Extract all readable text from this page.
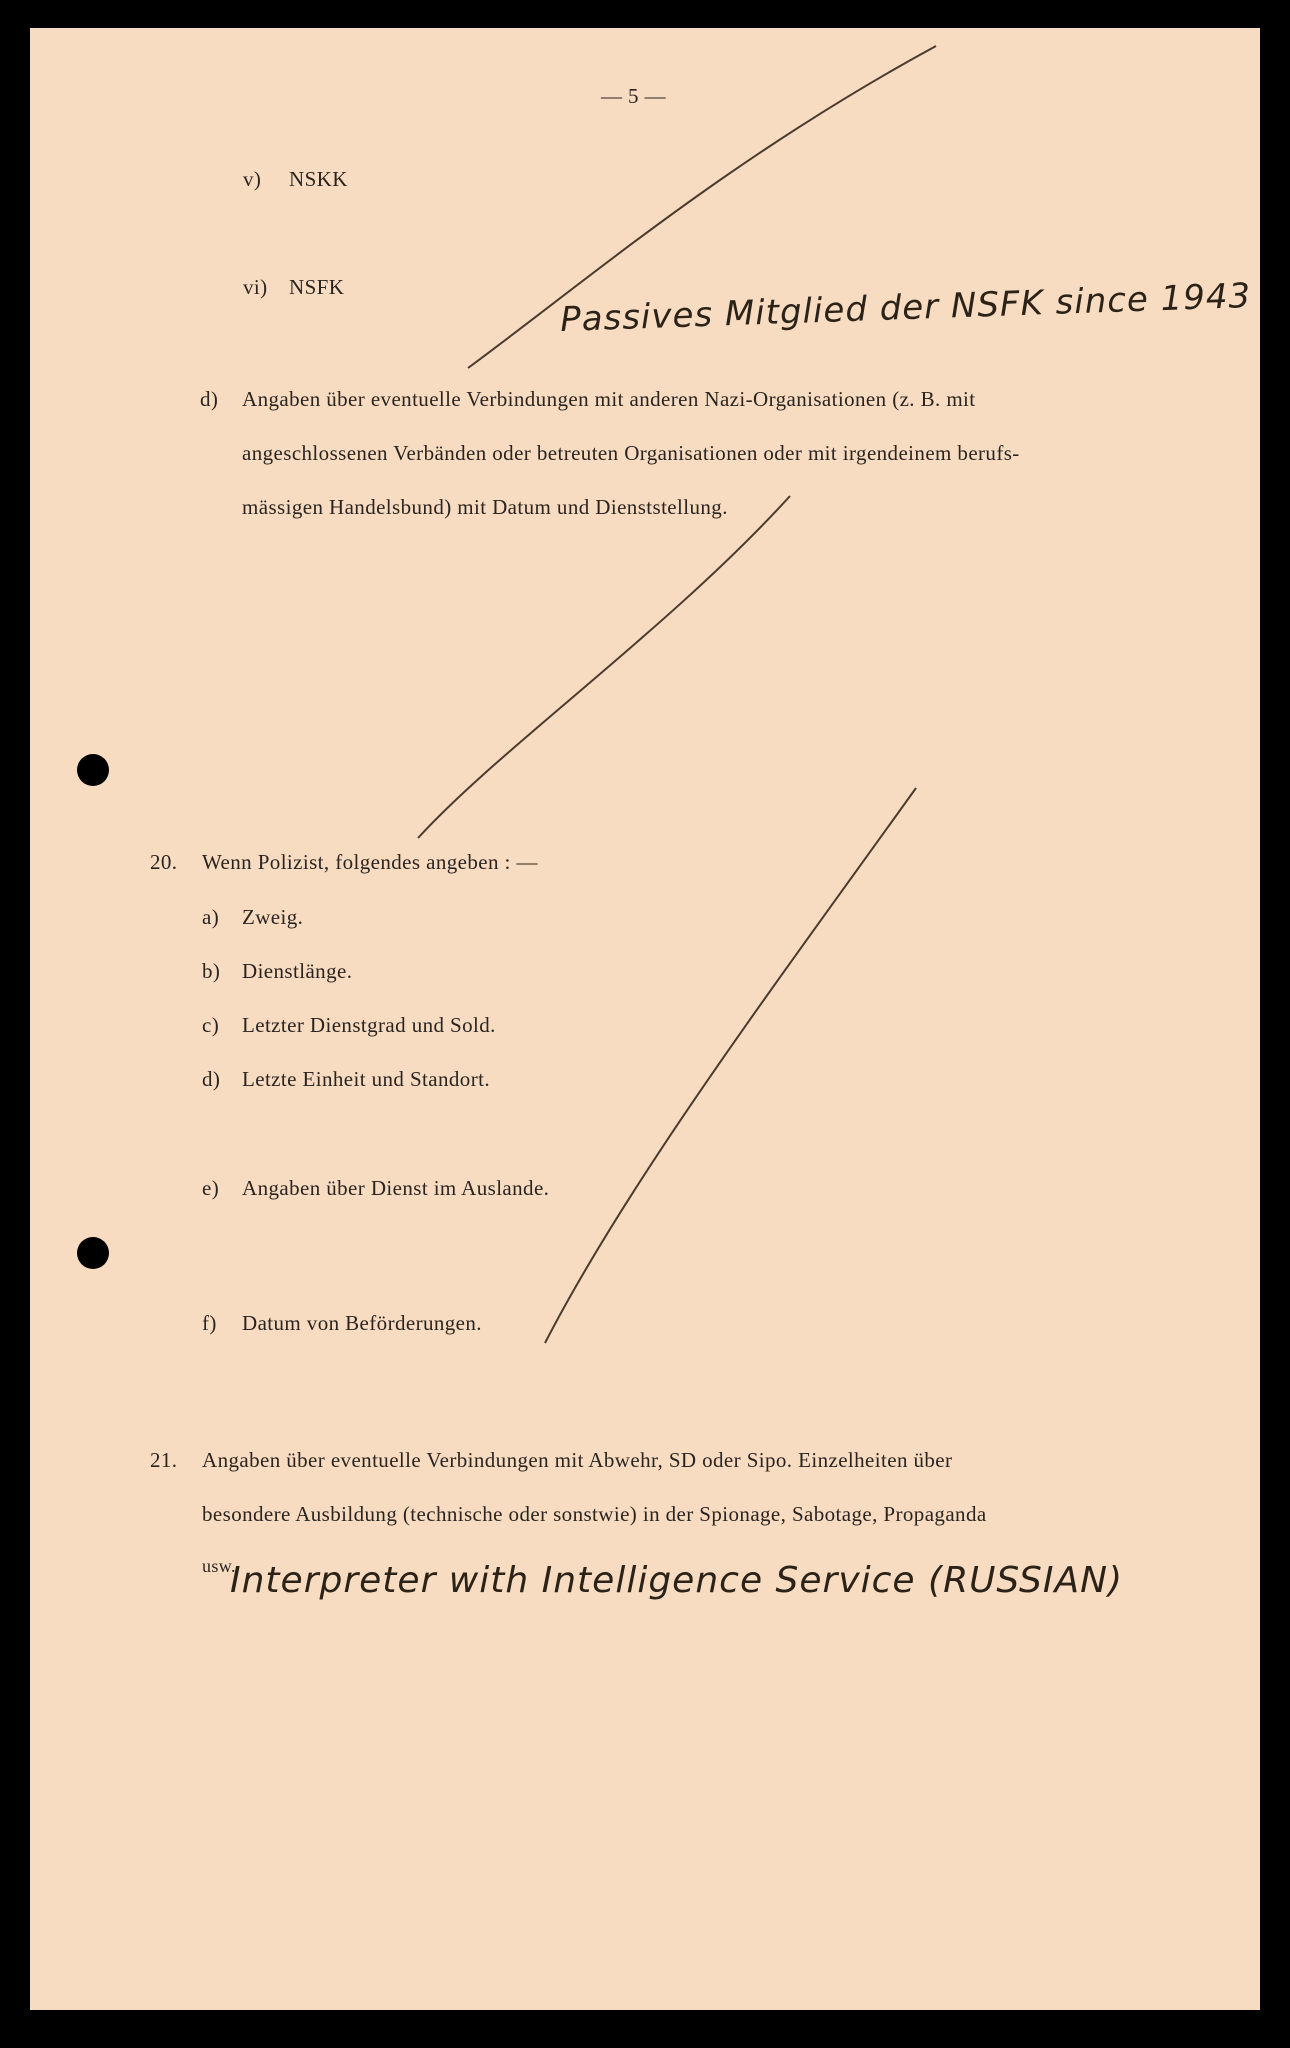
— 5 —
v) NSKK
vi) NSFK	Passives Mitglied der NSFK since 1943
d) Angaben über eventuelle Verbindungen mit anderen Nazi-Organisationen (z. B. mit
angeschlossenen Verbänden oder betreuten Organisationen oder mit irgendeinem berufs-
mässigen Handelsbund) mit Datum und Dienststellung.
20. Wenn Polizist, folgendes angeben : —
a) Zweig.
b) Dienstlänge.
c) Letzter Dienstgrad und Sold.
d) Letzte Einheit und Standort.
e) Angaben über Dienst im Auslande.
f) Datum von Beförderungen.
21. Angaben über eventuelle Verbindungen mit Abwehr, SD oder Sipo. Einzelheiten über
besondere Ausbildung (technische oder sonstwie) in der Spionage, Sabotage, Propaganda
usw.
Interpreter with Intelligence Service (RUSSIAN)
